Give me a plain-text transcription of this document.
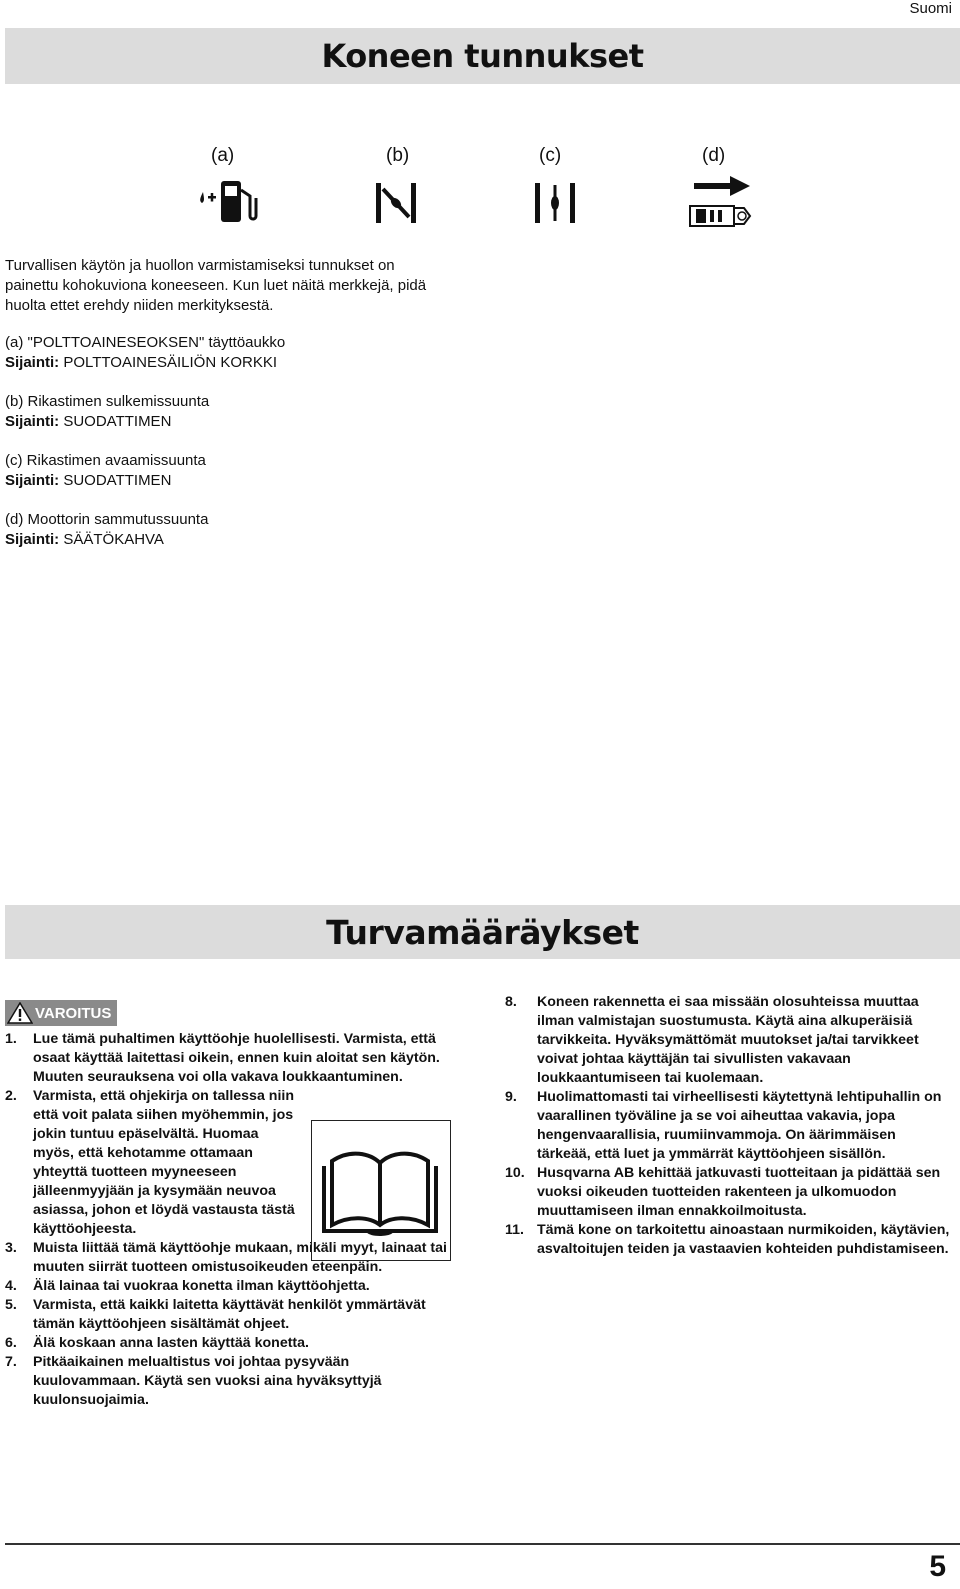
Suomi
Koneen tunnukset
(a)	(b)	(c)	(d)
Turvallisen käytön ja huollon varmistamiseksi tunnukset on painettu kohokuviona koneeseen. Kun luet näitä merkkejä, pidä huolta ettet erehdy niiden merkityksestä.
(a) "POLTTOAINESEOKSEN" täyttöaukko
Sijainti: POLTTOAINESÄILIÖN KORKKI
(b) Rikastimen sulkemissuunta
Sijainti: SUODATTIMEN
(c) Rikastimen avaamissuunta
Sijainti: SUODATTIMEN
(d) Moottorin sammutussuunta
Sijainti: SÄÄTÖKAHVA
Turvamääräykset
VAROITUS

1. Lue tämä puhaltimen käyttöohje huolellisesti. Varmista, että osaat käyttää laitettasi oikein, ennen kuin aloitat sen käytön. Muuten seurauksena voi olla vakava loukkaantuminen.

2. Varmista, että ohjekirja on tallessa niin että voit palata siihen myöhemmin, jos jokin tuntuu epäselvältä. Huomaa myös, että kehotamme ottamaan yhteyttä tuotteen myyneeseen jälleenmyyjään ja kysymään neuvoa asiassa, johon et löydä vastausta tästä käyttöohjeesta.

3. Muista liittää tämä käyttöohje mukaan, mikäli myyt, lainaat tai muuten siirrät tuotteen omistusoikeuden eteenpäin.

4. Älä lainaa tai vuokraa konetta ilman käyttöohjetta.

5. Varmista, että kaikki laitetta käyttävät henkilöt ymmärtävät tämän käyttöohjeen sisältämät ohjeet.

6. Älä koskaan anna lasten käyttää konetta.

7. Pitkäaikainen melualtistus voi johtaa pysyvään kuulovammaan. Käytä sen vuoksi aina hyväksyttyjä kuulonsuojaimia.

8. Koneen rakennetta ei saa missään olosuhteissa muuttaa ilman valmistajan suostumusta. Käytä aina alkuperäisiä tarvikkeita. Hyväksymättömät muutokset ja/tai tarvikkeet voivat johtaa käyttäjän tai sivullisten vakavaan loukkaantumiseen tai kuolemaan.

9. Huolimattomasti tai virheellisesti käytettynä lehtipuhallin on vaarallinen työväline ja se voi aiheuttaa vakavia, jopa hengenvaarallisia, ruumiinvammoja. On äärimmäisen tärkeää, että luet ja ymmärrät käyttöohjeen sisällön.

10. Husqvarna AB kehittää jatkuvasti tuotteitaan ja pidättää sen vuoksi oikeuden tuotteiden rakenteen ja ulkomuodon muuttamiseen ilman ennakkoilmoitusta.

11. Tämä kone on tarkoitettu ainoastaan nurmikoiden, käytävien, asvaltoitujen teiden ja vastaavien kohteiden puhdistamiseen.

5
